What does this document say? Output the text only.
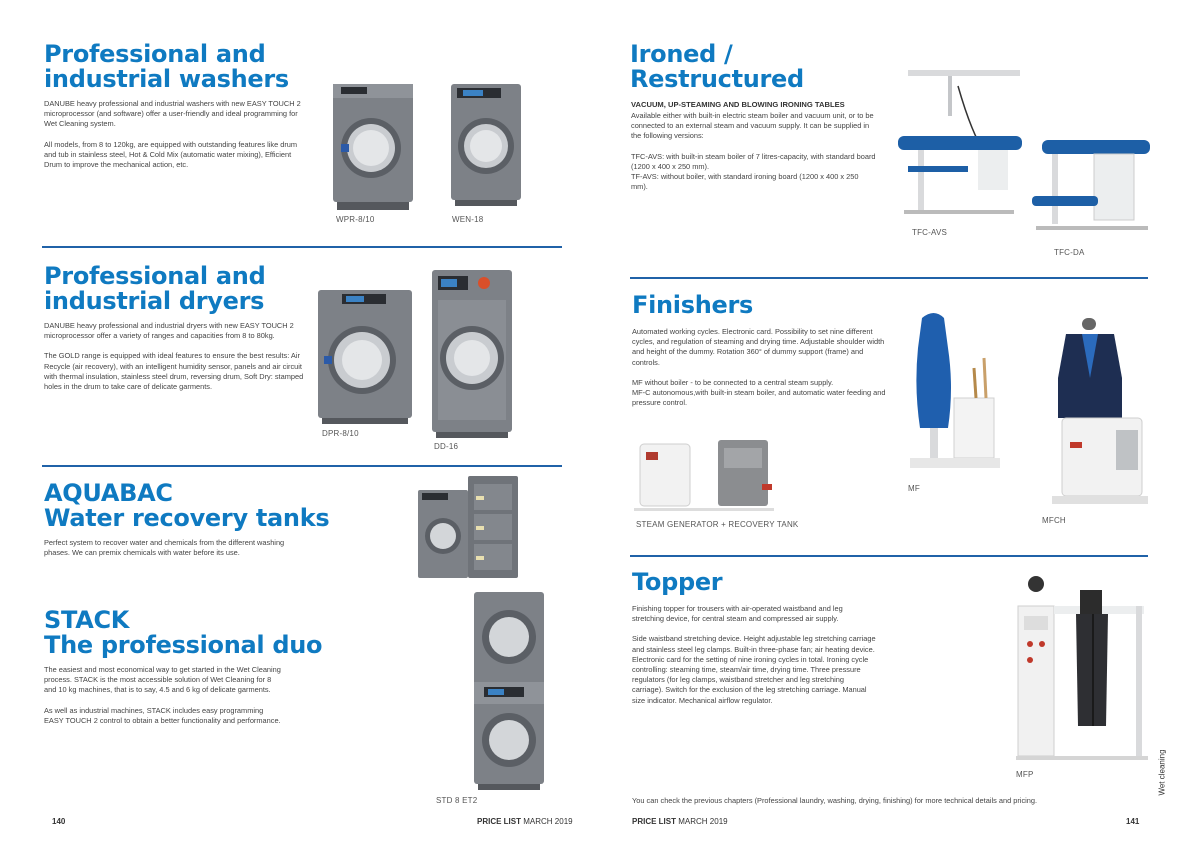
Professional and
industrial washers

DANUBE heavy professional and industrial washers with new EASY TOUCH 2 microprocessor (and software) offer a user-friendly and ideal programming for Wet Cleaning system.

All models, from 8 to 120kg, are equipped with outstanding features like drum and tub in stainless steel, Hot & Cold Mix (automatic water mixing), Efficient Drum to improve the mechanical action, etc.

WPR-8/10	WEN-18
Professional and
industrial dryers

DANUBE heavy professional and industrial dryers with new EASY TOUCH 2 microprocessor offer a variety of ranges and capacities from 8 to 80kg.

The GOLD range is equipped with ideal features to ensure the best results: Air Recycle (air recovery), with an intelligent humidity sensor, panels and air circuit with thermal insulation, stainless steel drum, reversing drum, Soft Dry: stamped holes in the drum to take care of delicate garments.

DPR-8/10
DD-16
AQUABAC
Water recovery tanks

Perfect system to recover water and chemicals from the different washing phases. We can premix chemicals with water before its use.

STACK
The professional duo

The easiest and most economical way to get started in the Wet Cleaning process. STACK is the most accessible solution of Wet Cleaning for 8 and 10 kg machines, that is to say, 4.5 and 6 kg of delicate garments.

As well as industrial machines, STACK includes easy programming EASY TOUCH 2 control to obtain a better functionality and performance.

STD 8 ET2
140	PRICE LIST MARCH 2019
Ironed /
Restructured
VACUUM, UP-STEAMING AND BLOWING IRONING TABLES

Available either with built-in electric steam boiler and vacuum unit, or to be connected to an external steam and vacuum supply. It can be supplied in the following versions:

TFC-AVS: with built-in steam boiler of 7 litres-capacity, with standard board (1200 x 400 x 250 mm).

TF-AVS: without boiler, with standard ironing board (1200 x 400 x 250 mm).

TFC-AVS
TFC-DA
Finishers

Automated working cycles. Electronic card. Possibility to set nine different cycles, and regulation of steaming and drying time. Adjustable shoulder width and height of the dummy. Rotation 360° of dummy support (frame) and controls.

MF without boiler - to be connected to a central steam supply.

MF-C autonomous,with built-in steam boiler, and automatic water feeding and pressure control.

STEAM GENERATOR + RECOVERY TANK
MF
MFCH
Topper

Finishing topper for trousers with air-operated waistband and leg stretching device, for central steam and compressed air supply.

Side waistband stretching device. Height adjustable leg stretching carriage and stainless steel leg clamps. Built-in three-phase fan; air heating device. Electronic card for the setting of nine ironing cycles in total. Ironing cycle controlling: steaming time, steam/air time, drying time. Three pressure regulators (for leg clamps, waistband stretcher and leg stretching carriage). Switch for the exclusion of the leg stretching carriage. Manual size indicator. Mechanical airflow regulator.

MFP
You can check the previous chapters (Professional laundry, washing, drying, finishing) for more technical details and pricing.
PRICE LIST MARCH 2019	141
Wet cleaning
